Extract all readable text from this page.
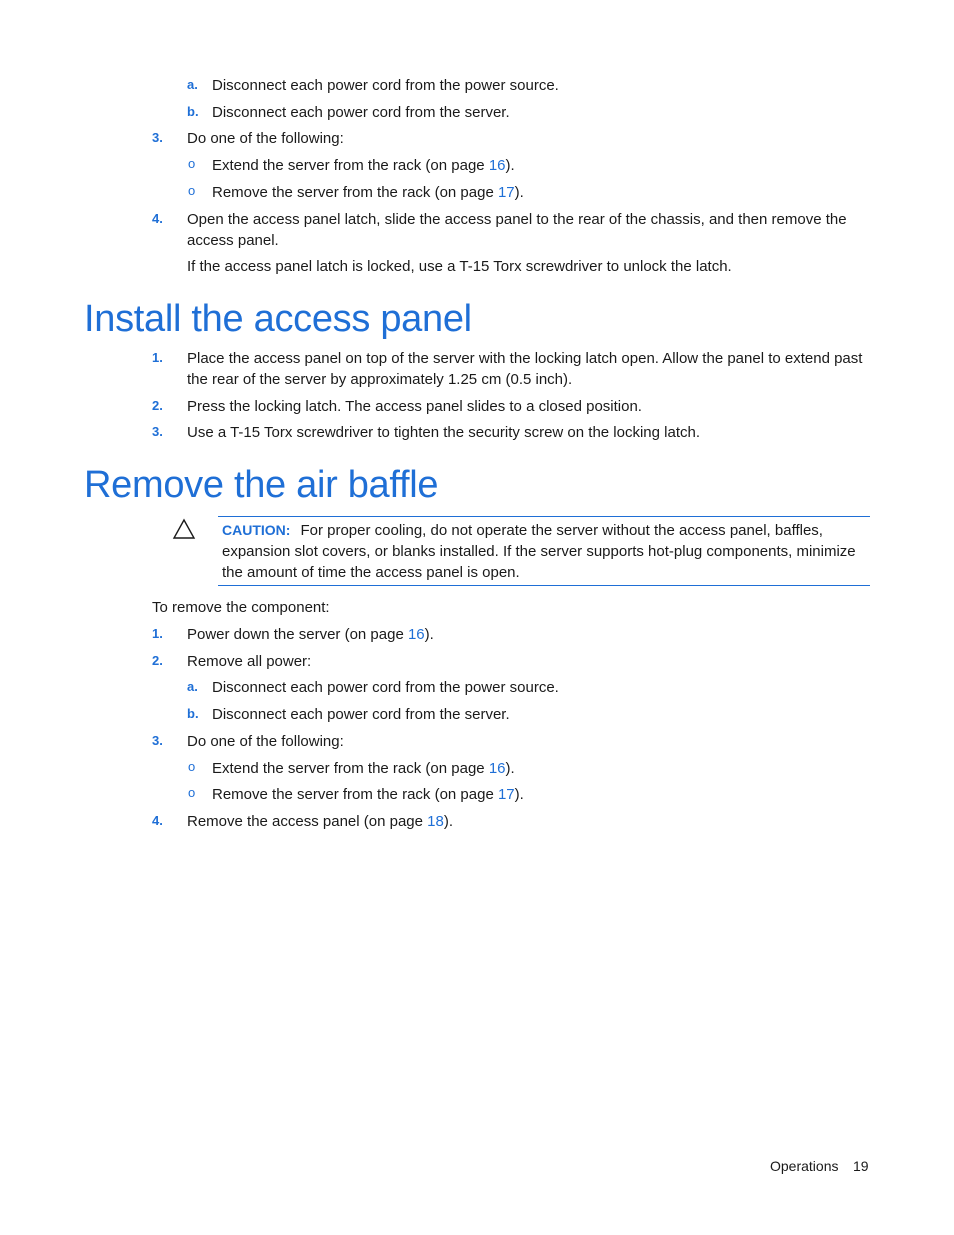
a. Disconnect each power cord from the power source.
b. Disconnect each power cord from the server.
3. Do one of the following:
o Extend the server from the rack (on page 16).
o Remove the server from the rack (on page 17).
4. Open the access panel latch, slide the access panel to the rear of the chassis, and then remove the
access panel.
If the access panel latch is locked, use a T-15 Torx screwdriver to unlock the latch.
Install the access panel
1. Place the access panel on top of the server with the locking latch open. Allow the panel to extend past
the rear of the server by approximately 1.25 cm (0.5 inch).
2. Press the locking latch. The access panel slides to a closed position.
3. Use a T-15 Torx screwdriver to tighten the security screw on the locking latch.
Remove the air baffle
CAUTION: For proper cooling, do not operate the server without the access panel, baffles,
expansion slot covers, or blanks installed. If the server supports hot-plug components, minimize
the amount of time the access panel is open.
To remove the component:
1. Power down the server (on page 16).
2. Remove all power:
a. Disconnect each power cord from the power source.
b. Disconnect each power cord from the server.
3. Do one of the following:
o Extend the server from the rack (on page 16).
o Remove the server from the rack (on page 17).
4. Remove the access panel (on page 18).
Operations 19
